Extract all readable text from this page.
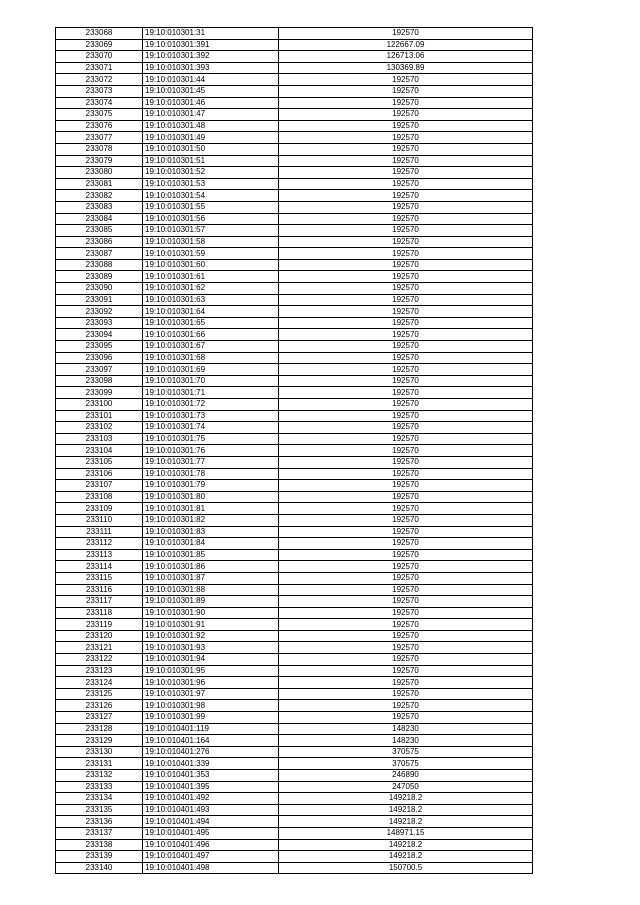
233068	19:10:010301:31	192570
233069	19:10:010301:391	122667.09
233070	19:10:010301:392	126713.06
233071	19:10:010301:393	130369.89
233072	19:10:010301:44	192570
233073	19:10:010301:45	192570
233074	19:10:010301:46	192570
233075	19:10:010301:47	192570
233076	19:10:010301:48	192570
233077	19:10:010301:49	192570
233078	19:10:010301:50	192570
233079	19:10:010301:51	192570
233080	19:10:010301:52	192570
233081	19:10:010301:53	192570
233082	19:10:010301:54	192570
233083	19:10:010301:55	192570
233084	19:10:010301:56	192570
233085	19:10:010301:57	192570
233086	19:10:010301:58	192570
233087	19:10:010301:59	192570
233088	19:10:010301:60	192570
233089	19:10:010301:61	192570
233090	19:10:010301:62	192570
233091	19:10:010301:63	192570
233092	19:10:010301:64	192570
233093	19:10:010301:65	192570
233094	19:10:010301:66	192570
233095	19:10:010301:67	192570
233096	19:10:010301:68	192570
233097	19:10:010301:69	192570
233098	19:10:010301:70	192570
233099	19:10:010301:71	192570
233100	19:10:010301:72	192570
233101	19:10:010301:73	192570
233102	19:10:010301:74	192570
233103	19:10:010301:75	192570
233104	19:10:010301:76	192570
233105	19:10:010301:77	192570
233106	19:10:010301:78	192570
233107	19:10:010301:79	192570
233108	19:10:010301:80	192570
233109	19:10:010301:81	192570
233110	19:10:010301:82	192570
233111	19:10:010301:83	192570
233112	19:10:010301:84	192570
233113	19:10:010301:85	192570
233114	19:10:010301:86	192570
233115	19:10:010301:87	192570
233116	19:10:010301:88	192570
233117	19:10:010301:89	192570
233118	19:10:010301:90	192570
233119	19:10:010301:91	192570
233120	19:10:010301:92	192570
233121	19:10:010301:93	192570
233122	19:10:010301:94	192570
233123	19:10:010301:95	192570
233124	19:10:010301:96	192570
233125	19:10:010301:97	192570
233126	19:10:010301:98	192570
233127	19:10:010301:99	192570
233128	19:10:010401:119	148230
233129	19:10:010401:164	148230
233130	19:10:010401:276	370575
233131	19:10:010401:339	370575
233132	19:10:010401:353	246890
233133	19:10:010401:395	247050
233134	19:10:010401:492	149218.2
233135	19:10:010401:493	149218.2
233136	19:10:010401:494	149218.2
233137	19:10:010401:495	148971.15
233138	19:10:010401:496	149218.2
233139	19:10:010401:497	149218.2
233140	19:10:010401:498	150700.5
